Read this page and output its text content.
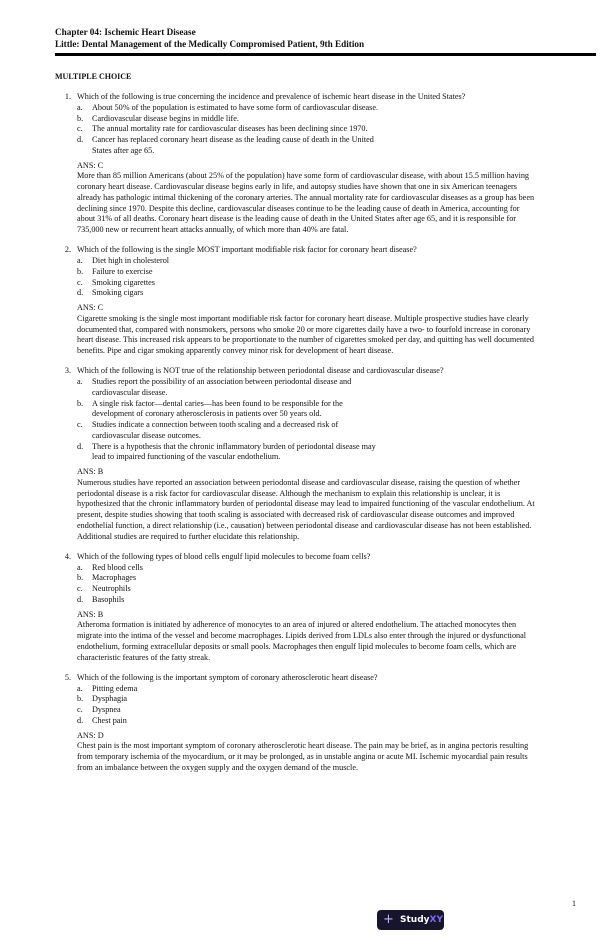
Chapter 04: Ischemic Heart Disease
Little: Dental Management of the Medically Compromised Patient, 9th Edition
MULTIPLE CHOICE
1. Which of the following is true concerning the incidence and prevalence of ischemic heart disease in the United States?
a. About 50% of the population is estimated to have some form of cardiovascular disease.
b. Cardiovascular disease begins in middle life.
c. The annual mortality rate for cardiovascular diseases has been declining since 1970.
d. Cancer has replaced coronary heart disease as the leading cause of death in the United States after age 65.
ANS: C
More than 85 million Americans (about 25% of the population) have some form of cardiovascular disease, with about 15.5 million having coronary heart disease. Cardiovascular disease begins early in life, and autopsy studies have shown that one in six American teenagers already has pathologic intimal thickening of the coronary arteries. The annual mortality rate for cardiovascular diseases as a group has been declining since 1970. Despite this decline, cardiovascular diseases continue to be the leading cause of death in America, accounting for about 31% of all deaths. Coronary heart disease is the leading cause of death in the United States after age 65, and it is responsible for 735,000 new or recurrent heart attacks annually, of which more than 40% are fatal.
2. Which of the following is the single MOST important modifiable risk factor for coronary heart disease?
a. Diet high in cholesterol
b. Failure to exercise
c. Smoking cigarettes
d. Smoking cigars
ANS: C
Cigarette smoking is the single most important modifiable risk factor for coronary heart disease. Multiple prospective studies have clearly documented that, compared with nonsmokers, persons who smoke 20 or more cigarettes daily have a two- to fourfold increase in coronary heart disease. This increased risk appears to be proportionate to the number of cigarettes smoked per day, and quitting has well documented benefits. Pipe and cigar smoking apparently convey minor risk for development of heart disease.
3. Which of the following is NOT true of the relationship between periodontal disease and cardiovascular disease?
a. Studies report the possibility of an association between periodontal disease and cardiovascular disease.
b. A single risk factor—dental caries—has been found to be responsible for the development of coronary atherosclerosis in patients over 50 years old.
c. Studies indicate a connection between tooth scaling and a decreased risk of cardiovascular disease outcomes.
d. There is a hypothesis that the chronic inflammatory burden of periodontal disease may lead to impaired functioning of the vascular endothelium.
ANS: B
Numerous studies have reported an association between periodontal disease and cardiovascular disease, raising the question of whether periodontal disease is a risk factor for cardiovascular disease. Although the mechanism to explain this relationship is unclear, it is hypothesized that the chronic inflammatory burden of periodontal disease may lead to impaired functioning of the vascular endothelium. At present, despite studies showing that tooth scaling is associated with decreased risk of cardiovascular disease outcomes and improved endothelial function, a direct relationship (i.e., causation) between periodontal disease and cardiovascular disease has not been established. Additional studies are required to further elucidate this relationship.
4. Which of the following types of blood cells engulf lipid molecules to become foam cells?
a. Red blood cells
b. Macrophages
c. Neutrophils
d. Basophils
ANS: B
Atheroma formation is initiated by adherence of monocytes to an area of injured or altered endothelium. The attached monocytes then migrate into the intima of the vessel and become macrophages. Lipids derived from LDLs also enter through the injured or dysfunctional endothelium, forming extracellular deposits or small pools. Macrophages then engulf lipid molecules to become foam cells, which are characteristic features of the fatty streak.
5. Which of the following is the important symptom of coronary atherosclerotic heart disease?
a. Pitting edema
b. Dysphagia
c. Dyspnea
d. Chest pain
ANS: D
Chest pain is the most important symptom of coronary atherosclerotic heart disease. The pain may be brief, as in angina pectoris resulting from temporary ischemia of the myocardium, or it may be prolonged, as in unstable angina or acute MI. Ischemic myocardial pain results from an imbalance between the oxygen supply and the oxygen demand of the muscle.
1
+ Study XY
